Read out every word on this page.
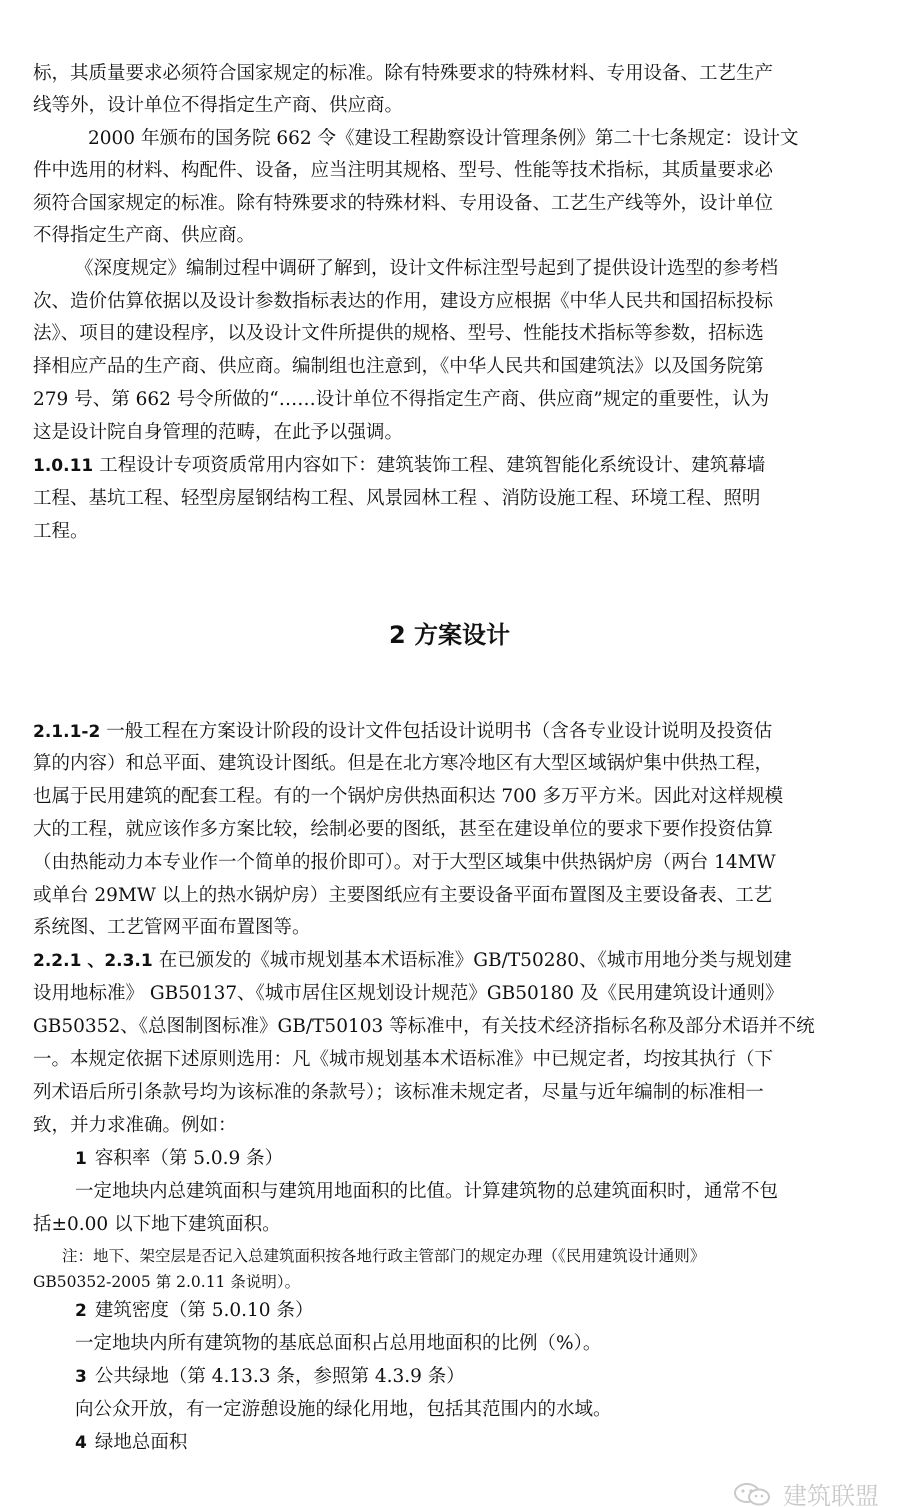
标，其质量要求必须符合国家规定的标准。除有特殊要求的特殊材料、专用设备、工艺生产
线等外，设计单位不得指定生产商、供应商。
2000 年颁布的国务院 662 令《建设工程勘察设计管理条例》第二十七条规定：设计文
件中选用的材料、构配件、设备，应当注明其规格、型号、性能等技术指标，其质量要求必
须符合国家规定的标准。除有特殊要求的特殊材料、专用设备、工艺生产线等外，设计单位
不得指定生产商、供应商。
《深度规定》编制过程中调研了解到，设计文件标注型号起到了提供设计选型的参考档
次、造价估算依据以及设计参数指标表达的作用，建设方应根据《中华人民共和国招标投标
法》、项目的建设程序，以及设计文件所提供的规格、型号、性能技术指标等参数，招标选
择相应产品的生产商、供应商。编制组也注意到，《中华人民共和国建筑法》以及国务院第
279 号、第 662 号令所做的“……设计单位不得指定生产商、供应商”规定的重要性，认为
这是设计院自身管理的范畴，在此予以强调。
1.0.11 工程设计专项资质常用内容如下：建筑装饰工程、建筑智能化系统设计、建筑幕墙
工程、基坑工程、轻型房屋钢结构工程、风景园林工程 、消防设施工程、环境工程、照明
工程。
2 方案设计
2.1.1-2 一般工程在方案设计阶段的设计文件包括设计说明书（含各专业设计说明及投资估
算的内容）和总平面、建筑设计图纸。但是在北方寒冷地区有大型区域锅炉集中供热工程，
也属于民用建筑的配套工程。有的一个锅炉房供热面积达 700 多万平方米。因此对这样规模
大的工程，就应该作多方案比较，绘制必要的图纸，甚至在建设单位的要求下要作投资估算
（由热能动力本专业作一个简单的报价即可）。对于大型区域集中供热锅炉房（两台 14MW
或单台 29MW 以上的热水锅炉房）主要图纸应有主要设备平面布置图及主要设备表、工艺
系统图、工艺管网平面布置图等。
2.2.1 、2.3.1 在已颁发的《城市规划基本术语标准》GB/T50280、《城市用地分类与规划建
设用地标准》 GB50137、《城市居住区规划设计规范》GB50180 及《民用建筑设计通则》
GB50352、《总图制图标准》GB/T50103 等标准中，有关技术经济指标名称及部分术语并不统
一。本规定依据下述原则选用：凡《城市规划基本术语标准》中已规定者，均按其执行（下
列术语后所引条款号均为该标准的条款号）；该标准未规定者，尽量与近年编制的标准相一
致，并力求准确。例如：
1 容积率（第 5.0.9 条）
一定地块内总建筑面积与建筑用地面积的比值。计算建筑物的总建筑面积时，通常不包
括±0.00 以下地下建筑面积。
注：地下、架空层是否记入总建筑面积按各地行政主管部门的规定办理（《民用建筑设计通则》
GB50352-2005 第 2.0.11 条说明）。
2 建筑密度（第 5.0.10 条）
一定地块内所有建筑物的基底总面积占总用地面积的比例（%）。
3 公共绿地（第 4.13.3 条，参照第 4.3.9 条）
向公众开放，有一定游憩设施的绿化用地，包括其范围内的水域。
4 绿地总面积
建筑联盟
